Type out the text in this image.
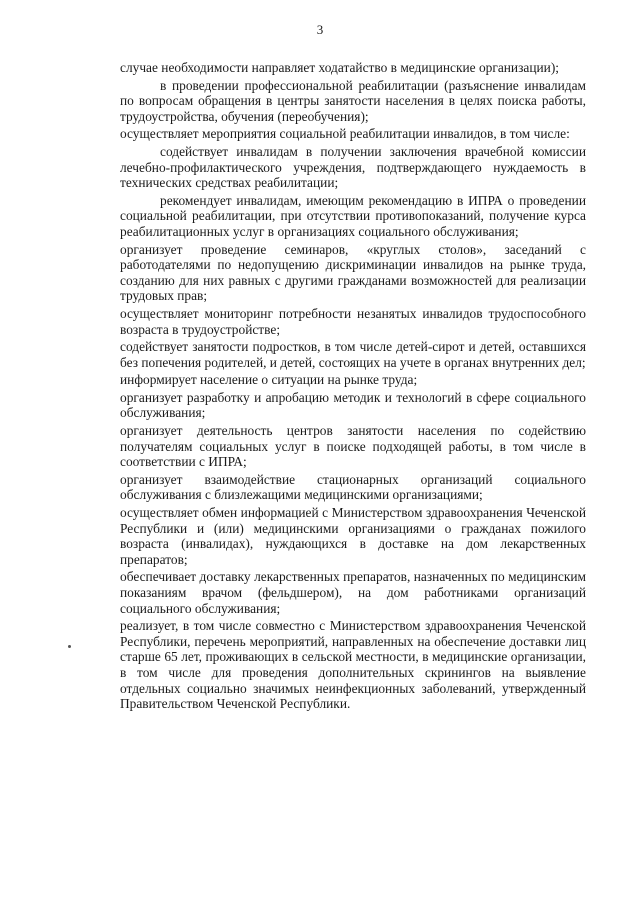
3

случае необходимости направляет ходатайство в медицинские организации);

в проведении профессиональной реабилитации (разъяснение инвалидам по вопросам обращения в центры занятости населения в целях поиска работы, трудоустройства, обучения (переобучения);

осуществляет мероприятия социальной реабилитации инвалидов, в том числе:

содействует инвалидам в получении заключения врачебной комиссии лечебно-профилактического учреждения, подтверждающего нуждаемость в технических средствах реабилитации;

рекомендует инвалидам, имеющим рекомендацию в ИПРА о проведении социальной реабилитации, при отсутствии противопоказаний, получение курса реабилитационных услуг в организациях социального обслуживания;

организует проведение семинаров, «круглых столов», заседаний с работодателями по недопущению дискриминации инвалидов на рынке труда, созданию для них равных с другими гражданами возможностей для реализации трудовых прав;

осуществляет мониторинг потребности незанятых инвалидов трудоспособного возраста в трудоустройстве;

содействует занятости подростков, в том числе детей-сирот и детей, оставшихся без попечения родителей, и детей, состоящих на учете в органах внутренних дел;

информирует население о ситуации на рынке труда;

организует разработку и апробацию методик и технологий в сфере социального обслуживания;

организует деятельность центров занятости населения по содействию получателям социальных услуг в поиске подходящей работы, в том числе в соответствии с ИПРА;

организует взаимодействие стационарных организаций социального обслуживания с близлежащими медицинскими организациями;

осуществляет обмен информацией с Министерством здравоохранения Чеченской Республики и (или) медицинскими организациями о гражданах пожилого возраста (инвалидах), нуждающихся в доставке на дом лекарственных препаратов;

обеспечивает доставку лекарственных препаратов, назначенных по медицинским показаниям врачом (фельдшером), на дом работниками организаций социального обслуживания;

реализует, в том числе совместно с Министерством здравоохранения Чеченской Республики, перечень мероприятий, направленных на обеспечение доставки лиц старше 65 лет, проживающих в сельской местности, в медицинские организации, в том числе для проведения дополнительных скринингов на выявление отдельных социально значимых неинфекционных заболеваний, утвержденный Правительством Чеченской Республики.
